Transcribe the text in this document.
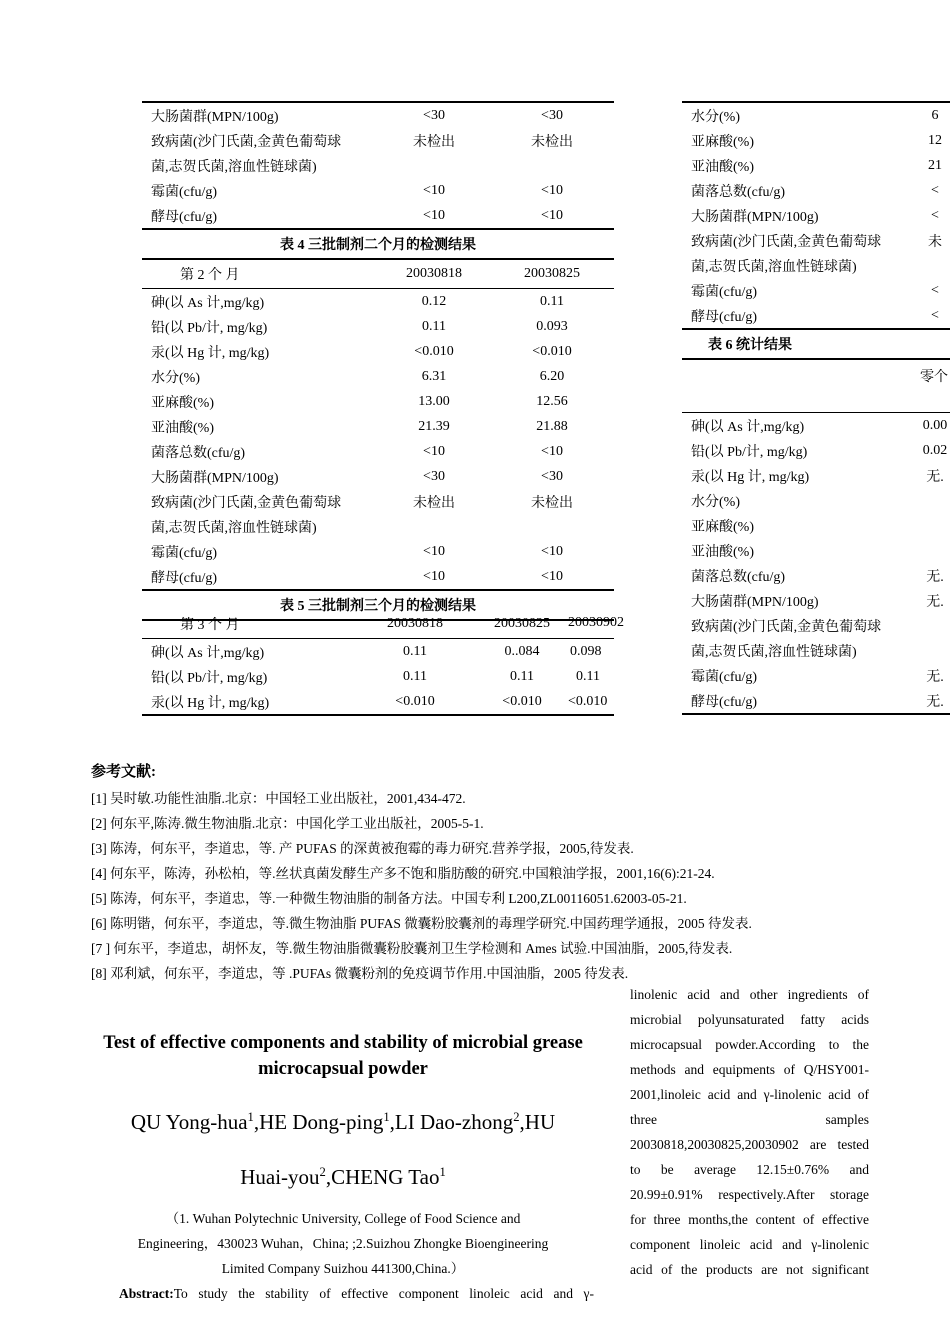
大肠菌群(MPN/100g)	<30	<30
致病菌(沙门氏菌,金黄色葡萄球	未检出	未检出
菌,志贺氏菌,溶血性链球菌)		
霉菌(cfu/g)	<10	<10
酵母(cfu/g)	<10	<10
表 4 三批制剂二个月的检测结果		
第 2 个 月	20030818	20030825
砷(以 As 计,mg/kg)	0.12	0.11
铅(以 Pb/计, mg/kg)	0.11	0.093
汞(以 Hg 计, mg/kg)	<0.010	<0.010
水分(%)	6.31	6.20
亚麻酸(%)	13.00	12.56
亚油酸(%)	21.39	21.88
菌落总数(cfu/g)	<10	<10
大肠菌群(MPN/100g)	<30	<30
致病菌(沙门氏菌,金黄色葡萄球	未检出	未检出
菌,志贺氏菌,溶血性链球菌)		
霉菌(cfu/g)	<10	<10
酵母(cfu/g)	<10	<10
表 5 三批制剂三个月的检测结果		
第 3 个 月	20030818	20030825	20030902

砷(以 As 计,mg/kg)	0.11	0..084	0.098

铅(以 Pb/计, mg/kg)	0.11	0.11	0.11

汞(以 Hg 计, mg/kg)	<0.010	<0.010	<0.010
水分(%)	6
亚麻酸(%)	12
亚油酸(%)	21
菌落总数(cfu/g)	<
大肠菌群(MPN/100g)	<
致病菌(沙门氏菌,金黄色葡萄球	未
菌,志贺氏菌,溶血性链球菌)	
霉菌(cfu/g)	<
酵母(cfu/g)	<
表 6 统计结果	

零个	

砷(以 As 计,mg/kg)	0.00
铅(以 Pb/计, mg/kg)	0.02
汞(以 Hg 计, mg/kg)	无.
水分(%)	
亚麻酸(%)	
亚油酸(%)	
菌落总数(cfu/g)	无.
大肠菌群(MPN/100g)	无.
致病菌(沙门氏菌,金黄色葡萄球	
菌,志贺氏菌,溶血性链球菌)	
霉菌(cfu/g)	无.
酵母(cfu/g)	无.
参考文献:
[1] 吴时敏.功能性油脂.北京：中国轻工业出版社，2001,434-472.
[2] 何东平,陈涛.微生物油脂.北京：中国化学工业出版社，2005-5-1.
[3] 陈涛，何东平，李道忠，等. 产 PUFAS 的深黄被孢霉的毒力研究.营养学报，2005,待发表.
[4] 何东平，陈涛，孙松柏，等.丝状真菌发酵生产多不饱和脂肪酸的研究.中国粮油学报，2001,16(6):21-24.
[5] 陈涛，何东平，李道忠，等.一种微生物油脂的制备方法。中国专利 L200,ZL00116051.62003-05-21.
[6] 陈明锴，何东平，李道忠，等.微生物油脂 PUFAS 微囊粉胶囊剂的毒理学研究.中国药理学通报，2005 待发表.
[7 ] 何东平，李道忠，胡怀友，等.微生物油脂微囊粉胶囊剂卫生学检测和 Ames 试验.中国油脂，2005,待发表.
[8] 邓利斌，何东平，李道忠，等 .PUFAs 微囊粉剂的免疫调节作用.中国油脂，2005 待发表.
Test of effective components and stability of microbial grease
microcapsual powder
QU Yong-hua$^1$,HE Dong-ping$^1$,LI Dao-zhong$^2$,HU
Huai-you$^2$,CHENG Tao$^1$
（1. Wuhan Polytechnic University, College of Food Science and
Engineering，430023 Wuhan，China; ;2.Suizhou Zhongke Bioengineering
Limited Company Suizhou 441300,China.）
Abstract:To study the stability of effective component linoleic acid and γ-
linolenic acid and other ingredients of
microbial polyunsaturated fatty acids
microcapsual powder.According to the
methods and equipments of Q/HSY001-
2001,linoleic acid and γ-linolenic acid of
three samples
20030818,20030825,20030902 are tested
to be average 12.15±0.76% and
20.99±0.91% respectively.After storage
for three months,the content of effective
component linoleic acid and γ-linolenic
acid of the products are not significant
